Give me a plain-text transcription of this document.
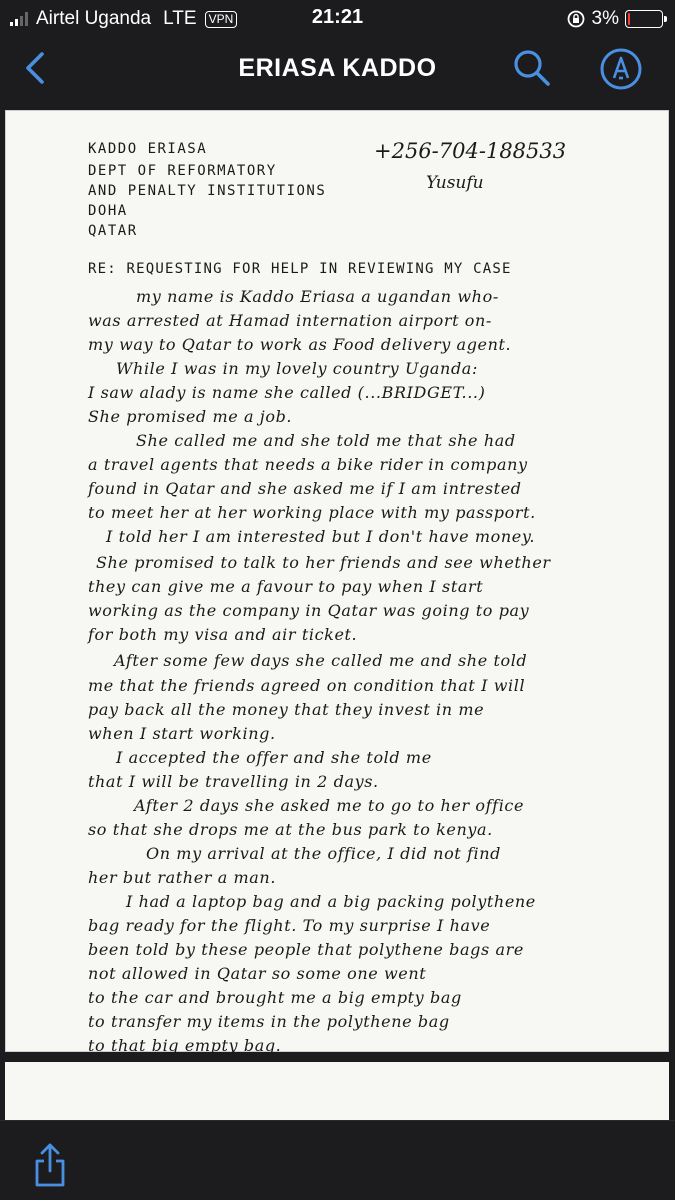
Airtel Uganda LTE	VPN	21:21	3%
ERIASA KADDO
KADDO ERIASA
DEPT OF REFORMATORY
AND PENALTY INSTITUTIONS
DOHA
QATAR
+256-704-188533
Yusufu
RE: REQUESTING FOR HELP IN REVIEWING MY CASE
my name is Kaddo Eriasa a ugandan who-
was arrested at Hamad internation airport on-
my way to Qatar to work as Food delivery agent.
While I was in my lovely country Uganda:
I saw alady is name she called (...BRIDGET...)
She promised me a job.
She called me and she told me that she had
a travel agents that needs a bike rider in company
found in Qatar and she asked me if I am intrested
to meet her at her working place with my passport.
I told her I am interested but I don't have money.
She promised to talk to her friends and see whether
they can give me a favour to pay when I start
working as the company in Qatar was going to pay
for both my visa and air ticket.
After some few days she called me and she told
me that the friends agreed on condition that I will
pay back all the money that they invest in me
when I start working.
I accepted the offer and she told me
that I will be travelling in 2 days.
After 2 days she asked me to go to her office
so that she drops me at the bus park to kenya.
On my arrival at the office, I did not find
her but rather a man.
I had a laptop bag and a big packing polythene
bag ready for the flight. To my surprise I have
been told by these people that polythene bags are
not allowed in Qatar so some one went
to the car and brought me a big empty bag
to transfer my items in the polythene bag
to that big empty bag.
